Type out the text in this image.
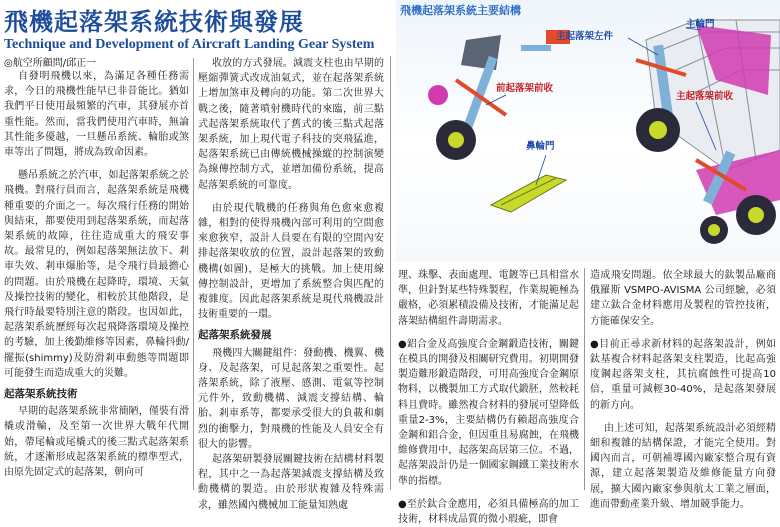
飛機起落架系統技術與發展
Technique and Development of Aircraft Landing Gear System
◎航空所顧問/邱正一

自發明飛機以來，為滿足各種任務需求，今日的飛機性能早已非昔能比。猶如我們平日使用最頻繁的汽車，其發展亦首重性能。然而，當我們使用汽車時，無論其性能多優越，一旦懸吊系統、輪胎或煞車等出了問題，將成為致命因素。

懸吊系統之於汽車，如起落架系統之於飛機。對飛行員而言，起落架系統是飛機種重要的介面之一。每次飛行任務的開始與結束，都要使用到起落架系統，而起落架系統的故障，往往造成重大的飛安事故。最常見的，例如起落架無法放下、剎車失效、剎車爆胎等，是令飛行員最擔心的問題。由於飛機在起降時，環境、天氣及操控技術的變化，相較於其他階段，是飛行時最要特別注意的階段。也因如此，起落架系統歷經每次起飛降落環境及操控的考驗，加上後勤維修等因素，鼻輪抖動/擺振(shimmy)及防滑剎車動態等問題即可能發生而造成重大的災難。

起落架系統技術

早期的起落架系統非常簡陋，僅裝有滑橇或滑輪，及至第一次世界大戰年代開始，帶尾輪或尾橇式的後三點式起落架系統，才逐漸形成起落架系統的標準型式，由原先固定式的起落架，朝向可

收放的方式發展。減震支柱也由早期的壓縮彈簧式改成油氣式，並在起落架系統上增加煞車及轉向的功能。第二次世界大戰之後，隨著噴射機時代的來臨，前三點式起落架系統取代了舊式的後三點式起落架系統，加上現代電子科技的突飛猛進，起落架系統已由傳統機械操縱的控制演變為線傳控制方式，並增加備份系統，提高起落架系統的可靠度。

由於現代戰機的任務與角色愈來愈複雜，相對的使得飛機內部可利用的空間愈來愈狹窄，設計人員要在有限的空間內安排起落架收放的位置，設計起落架的致動機構(如圖)，是極大的挑戰。加上使用線傳控制設計，更增加了系統整合與匹配的複雜度。因此起落架系統是現代飛機設計技術重要的一環。

起落架系統發展

飛機四大關鍵組件：發動機、機翼、機身、及起落架，可見起落架之重要性。起落架系統，除了液壓、感測、電氣等控制元件外，致動機構、減震支撐結構、輪胎、剎車系等，都要承受很大的負載和劇烈的衝擊力，對飛機的性能及人員安全有很大的影響。

起落架研製發展關鍵技術在結構材料製程，其中之一為起落架減震支撐結構及致動機構的製造。由於形狀複雜及特殊需求，雖然國內機械加工能量知熟處

飛機起落架系統主要結構
主起落架左件
主輪門
前起落架前收
鼻輪門
主起落架前收

理、珠擊、表面處理、電鍍等已具相當水準，但針對某些特殊製程，作業規範極為嚴格，必須累積設備及技術，才能滿足起落架結構組件壽期需求。

●鋁合金及高強度合金鋼鍛造技術，關鍵在模具的開發及相關研究費用。初期開發製造難形鍛造階段，可用高強度合金鋼原物料，以機製加工方式取代鍛胚，然較耗料且費時。雖然複合材料的發展可望降低重量2-3%，主要結構仍有賴超高強度合金鋼和鋁合金，但因重且易腐蝕，在飛機維修費用中，起落架高居第三位。不過，起落架設計仍是一個國家鋼鐵工業技術水準的指標。

●至於鈦合金應用，必須具備極高的加工技術，材料成品質的微小瑕疵，即會

造成飛安問題。依全球最大的鈦製品廠商俄羅斯 VSMPO-AVISMA 公司經驗，必須建立鈦合金材料應用及製程的管控技術，方能確保安全。

●目前正尋求新材料的起落架設計，例如鈦基複合材料起落架支柱製造，比起高強度鋼起落架支柱，其抗腐蝕性可提高10倍，重量可減輕30-40%，是起落架發展的新方向。

由上述可知，起落架系統設計必須經精細和複雜的結構保證，才能完全使用。對國內而言，可朝補導國內廠家整合現有資源，建立起落架製造及維修能量方向發展，擴大國內廠家參與航太工業之層面，進而帶動產業升級、增加競爭能力。
